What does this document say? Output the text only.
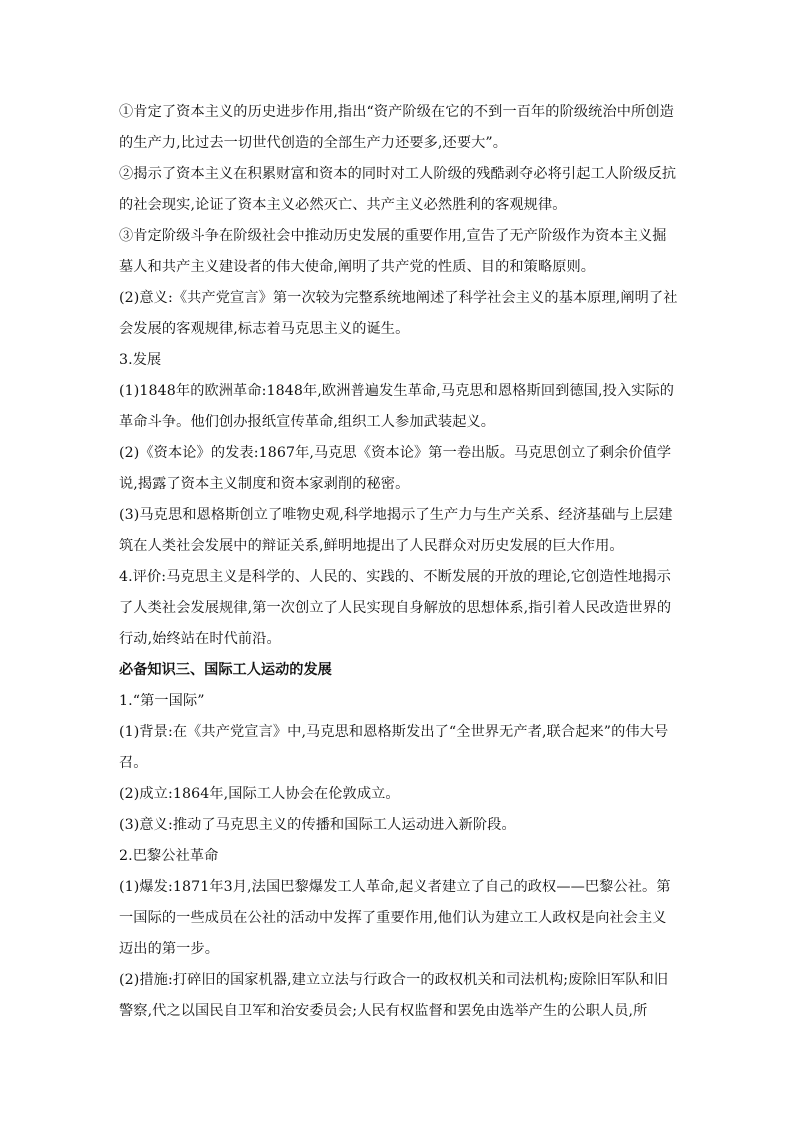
①肯定了资本主义的历史进步作用,指出“资产阶级在它的不到一百年的阶级统治中所创造的生产力,比过去一切世代创造的全部生产力还要多,还要大”。

②揭示了资本主义在积累财富和资本的同时对工人阶级的残酷剥夺必将引起工人阶级反抗的社会现实,论证了资本主义必然灭亡、共产主义必然胜利的客观规律。

③肯定阶级斗争在阶级社会中推动历史发展的重要作用,宣告了无产阶级作为资本主义掘墓人和共产主义建设者的伟大使命,阐明了共产党的性质、目的和策略原则。

(2)意义:《共产党宣言》第一次较为完整系统地阐述了科学社会主义的基本原理,阐明了社会发展的客观规律,标志着马克思主义的诞生。

3.发展

(1)1848年的欧洲革命:1848年,欧洲普遍发生革命,马克思和恩格斯回到德国,投入实际的革命斗争。他们创办报纸宣传革命,组织工人参加武装起义。

(2)《资本论》的发表:1867年,马克思《资本论》第一卷出版。马克思创立了剩余价值学说,揭露了资本主义制度和资本家剥削的秘密。

(3)马克思和恩格斯创立了唯物史观,科学地揭示了生产力与生产关系、经济基础与上层建筑在人类社会发展中的辩证关系,鲜明地提出了人民群众对历史发展的巨大作用。

4.评价:马克思主义是科学的、人民的、实践的、不断发展的开放的理论,它创造性地揭示了人类社会发展规律,第一次创立了人民实现自身解放的思想体系,指引着人民改造世界的行动,始终站在时代前沿。

必备知识三、国际工人运动的发展

1.“第一国际”

(1)背景:在《共产党宣言》中,马克思和恩格斯发出了“全世界无产者,联合起来”的伟大号召。

(2)成立:1864年,国际工人协会在伦敦成立。

(3)意义:推动了马克思主义的传播和国际工人运动进入新阶段。

2.巴黎公社革命

(1)爆发:1871年3月,法国巴黎爆发工人革命,起义者建立了自己的政权——巴黎公社。第一国际的一些成员在公社的活动中发挥了重要作用,他们认为建立工人政权是向社会主义迈出的第一步。

(2)措施:打碎旧的国家机器,建立立法与行政合一的政权机关和司法机构;废除旧军队和旧警察,代之以国民自卫军和治安委员会;人民有权监督和罢免由选举产生的公职人员,所
